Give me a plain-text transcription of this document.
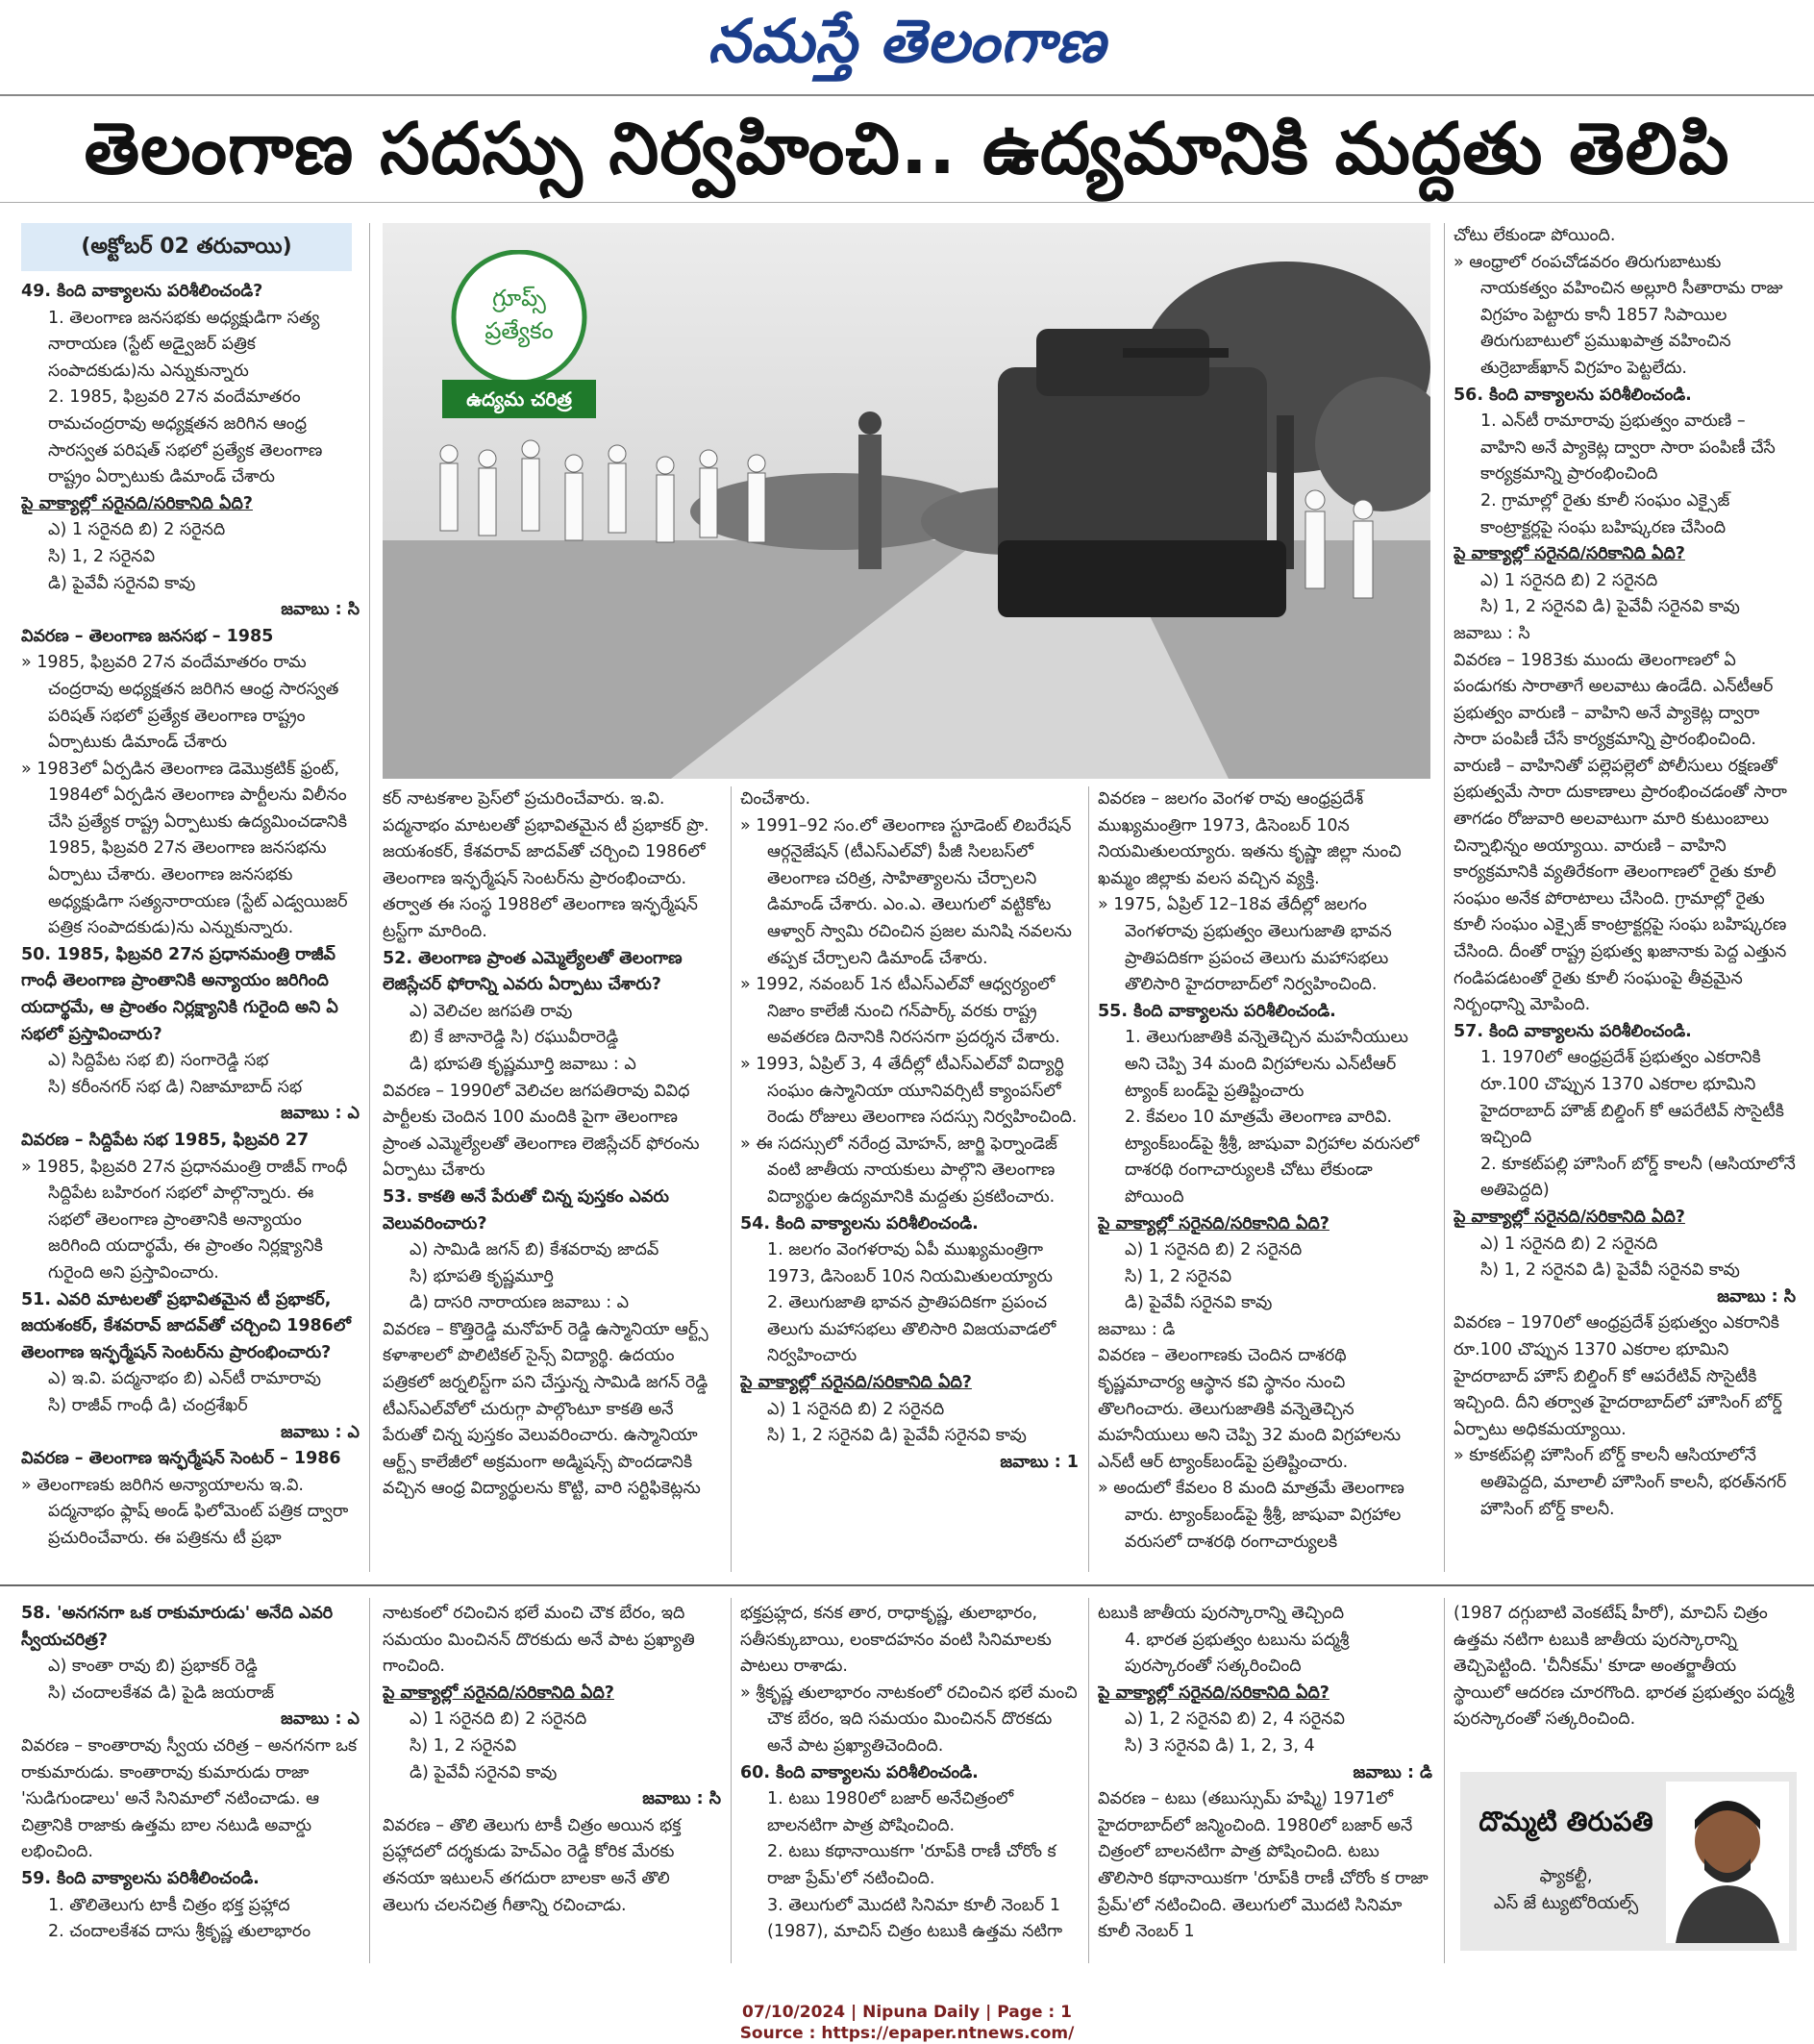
నమస్తే తెలంగాణ
తెలంగాణ సదస్సు నిర్వహించి.. ఉద్యమానికి మద్దతు తెలిపి
(అక్టోబర్ 02 తరువాయి)
గ్రూప్స్
ప్రత్యేకం
ఉద్యమ చరిత్ర

49. కింది వాక్యాలను పరిశీలించండి?

1. తెలంగాణ జనసభకు అధ్యక్షుడిగా సత్య నారాయణ (స్టేట్ అడ్వైజర్ పత్రిక సంపాదకుడు)ను ఎన్నుకున్నారు

2. 1985, ఫిబ్రవరి 27న వందేమాతరం రామచంద్రరావు అధ్యక్షతన జరిగిన ఆంధ్ర సారస్వత పరిషత్ సభలో ప్రత్యేక తెలంగాణ రాష్ట్రం ఏర్పాటుకు డిమాండ్ చేశారు

పై వాక్యాల్లో సరైనది/సరికానిది ఏది?

ఎ) 1 సరైనది బి) 2 సరైనది

సి) 1, 2 సరైనవి

డి) పైవేవీ సరైనవి కావు

జవాబు : సి

వివరణ – తెలంగాణ జనసభ – 1985

» 1985, ఫిబ్రవరి 27న వందేమాతరం రామ చంద్రరావు అధ్యక్షతన జరిగిన ఆంధ్ర సారస్వత పరిషత్ సభలో ప్రత్యేక తెలంగాణ రాష్ట్రం ఏర్పాటుకు డిమాండ్ చేశారు

» 1983లో ఏర్పడిన తెలంగాణ డెమొక్రటిక్ ఫ్రంట్, 1984లో ఏర్పడిన తెలంగాణ పార్టీలను విలీనం చేసి ప్రత్యేక రాష్ట్ర ఏర్పాటుకు ఉద్యమించడానికి 1985, ఫిబ్రవరి 27న తెలంగాణ జనసభను ఏర్పాటు చేశారు. తెలంగాణ జనసభకు అధ్యక్షుడిగా సత్యనారాయణ (స్టేట్ ఎడ్వయిజర్ పత్రిక సంపాదకుడు)ను ఎన్నుకున్నారు.

50. 1985, ఫిబ్రవరి 27న ప్రధానమంత్రి రాజీవ్ గాంధీ తెలంగాణ ప్రాంతానికి అన్యాయం జరిగింది యదార్థమే, ఆ ప్రాంతం నిర్లక్ష్యానికి గురైంది అని ఏ సభలో ప్రస్తావించారు?

ఎ) సిద్దిపేట సభ బి) సంగారెడ్డి సభ

సి) కరీంనగర్ సభ డి) నిజామాబాద్ సభ

జవాబు : ఎ

వివరణ – సిద్దిపేట సభ 1985, ఫిబ్రవరి 27

» 1985, ఫిబ్రవరి 27న ప్రధానమంత్రి రాజీవ్ గాంధీ సిద్దిపేట బహిరంగ సభలో పాల్గొన్నారు. ఈ సభలో తెలంగాణ ప్రాంతానికి అన్యాయం జరిగింది యదార్థమే, ఈ ప్రాంతం నిర్లక్ష్యానికి గురైంది అని ప్రస్తావించారు.

51. ఎవరి మాటలతో ప్రభావితమైన టీ ప్రభాకర్, జయశంకర్, కేశవరావ్ జాదవ్‌తో చర్చించి 1986లో తెలంగాణ ఇన్ఫర్మేషన్ సెంటర్‌ను ప్రారంభించారు?

ఎ) ఇ.వి. పద్మనాభం బి) ఎన్‌టీ రామారావు

సి) రాజీవ్ గాంధీ డి) చంద్రశేఖర్

జవాబు : ఎ

వివరణ – తెలంగాణ ఇన్ఫర్మేషన్ సెంటర్ – 1986

» తెలంగాణకు జరిగిన అన్యాయాలను ఇ.వి. పద్మనాభం ఫ్లాష్ అండ్ ఫిలోమెంట్ పత్రిక ద్వారా ప్రచురించేవారు. ఈ పత్రికను టీ ప్రభా

కర్ నాటకశాల ప్రెస్‌లో ప్రచురించేవారు. ఇ.వి. పద్మనాభం మాటలతో ప్రభావితమైన టీ ప్రభాకర్ ప్రొ. జయశంకర్, కేశవరావ్ జాదవ్‌తో చర్చించి 1986లో తెలంగాణ ఇన్ఫర్మేషన్ సెంటర్‌ను ప్రారంభించారు. తర్వాత ఈ సంస్థ 1988లో తెలంగాణ ఇన్ఫర్మేషన్ ట్రస్ట్‌గా మారింది.

52. తెలంగాణ ప్రాంత ఎమ్మెల్యేలతో తెలంగాణ లెజిస్లేచర్ ఫోరాన్ని ఎవరు ఏర్పాటు చేశారు?

ఎ) వెలిచల జగపతి రావు

బి) కే జానారెడ్డి సి) రఘువీరారెడ్డి

డి) భూపతి కృష్ణమూర్తి జవాబు : ఎ

వివరణ – 1990లో వెలిచల జగపతిరావు వివిధ పార్టీలకు చెందిన 100 మందికి పైగా తెలంగాణ ప్రాంత ఎమ్మెల్యేలతో తెలంగాణ లెజిస్లేచర్ ఫోరంను ఏర్పాటు చేశారు

53. కాకతి అనే పేరుతో చిన్న పుస్తకం ఎవరు వెలువరించారు?

ఎ) సామిడి జగన్ బి) కేశవరావు జాదవ్

సి) భూపతి కృష్ణమూర్తి

డి) దాసరి నారాయణ జవాబు : ఎ

వివరణ – కొత్తిరెడ్డి మనోహర్ రెడ్డి ఉస్మానియా ఆర్ట్స్ కళాశాలలో పొలిటికల్ సైన్స్ విద్యార్థి. ఉదయం పత్రికలో జర్నలిస్ట్‌గా పని చేస్తున్న సామిడి జగన్ రెడ్డి టీఎస్‌ఎల్‌వోలో చురుగ్గా పాల్గొంటూ కాకతి అనే పేరుతో చిన్న పుస్తకం వెలువరించారు. ఉస్మానియా ఆర్ట్స్ కాలేజీలో అక్రమంగా అడ్మిషన్స్ పొందడానికి వచ్చిన ఆంధ్ర విద్యార్థులను కొట్టి, వారి సర్టిఫికెట్లను

చించేశారు.

» 1991–92 సం.లో తెలంగాణ స్టూడెంట్ లిబరేషన్ ఆర్గనైజేషన్ (టీఎస్‌ఎల్‌వో) పీజీ సిలబస్‌లో తెలంగాణ చరిత్ర, సాహిత్యాలను చేర్చాలని డిమాండ్ చేశారు. ఎం.ఎ. తెలుగులో వట్టికోట ఆళ్వార్ స్వామి రచించిన ప్రజల మనిషి నవలను తప్పక చేర్చాలని డిమాండ్ చేశారు.

» 1992, నవంబర్ 1న టీఎస్‌ఎల్‌వో ఆధ్వర్యంలో నిజాం కాలేజీ నుంచి గన్‌పార్క్ వరకు రాష్ట్ర అవతరణ దినానికి నిరసనగా ప్రదర్శన చేశారు.

» 1993, ఏప్రిల్ 3, 4 తేదీల్లో టీఎస్‌ఎల్‌వో విద్యార్థి సంఘం ఉస్మానియా యూనివర్సిటీ క్యాంపస్‌లో రెండు రోజులు తెలంగాణ సదస్సు నిర్వహించింది.

» ఈ సదస్సులో నరేంద్ర మోహన్, జార్జి ఫెర్నాండెజ్ వంటి జాతీయ నాయకులు పాల్గొని తెలంగాణ విద్యార్థుల ఉద్యమానికి మద్దతు ప్రకటించారు.

54. కింది వాక్యాలను పరిశీలించండి.

1. జలగం వెంగళరావు ఏపీ ముఖ్యమంత్రిగా 1973, డిసెంబర్ 10న నియమితులయ్యారు

2. తెలుగుజాతి భావన ప్రాతిపదికగా ప్రపంచ తెలుగు మహాసభలు తొలిసారి విజయవాడలో నిర్వహించారు

పై వాక్యాల్లో సరైనది/సరికానిది ఏది?

ఎ) 1 సరైనది బి) 2 సరైనది

సి) 1, 2 సరైనవి డి) పైవేవీ సరైనవి కావు

జవాబు : 1

వివరణ – జలగం వెంగళ రావు ఆంధ్రప్రదేశ్ ముఖ్యమంత్రిగా 1973, డిసెంబర్ 10న నియమితులయ్యారు. ఇతను కృష్ణా జిల్లా నుంచి ఖమ్మం జిల్లాకు వలస వచ్చిన వ్యక్తి.

» 1975, ఏప్రిల్ 12–18వ తేదీల్లో జలగం వెంగళరావు ప్రభుత్వం తెలుగుజాతి భావన ప్రాతిపదికగా ప్రపంచ తెలుగు మహాసభలు తొలిసారి హైదరాబాద్‌లో నిర్వహించింది.

55. కింది వాక్యాలను పరిశీలించండి.

1. తెలుగుజాతికి వన్నెతెచ్చిన మహనీయులు అని చెప్పి 34 మంది విగ్రహాలను ఎన్‌టీఆర్ ట్యాంక్ బండ్‌పై ప్రతిష్టించారు

2. కేవలం 10 మాత్రమే తెలంగాణ వారివి. ట్యాంక్‌బండ్‌పై శ్రీశ్రీ, జాషువా విగ్రహాల వరుసలో దాశరథి రంగాచార్యులకి చోటు లేకుండా పోయింది

పై వాక్యాల్లో సరైనది/సరికానిది ఏది?

ఎ) 1 సరైనది బి) 2 సరైనది

సి) 1, 2 సరైనవి

డి) పైవేవీ సరైనవి కావు

జవాబు : డి

వివరణ – తెలంగాణకు చెందిన దాశరథి కృష్ణమాచార్య ఆస్థాన కవి స్థానం నుంచి తొలగించారు. తెలుగుజాతికి వన్నెతెచ్చిన మహనీయులు అని చెప్పి 32 మంది విగ్రహాలను ఎన్‌టీ ఆర్ ట్యాంక్‌బండ్‌పై ప్రతిష్టించారు.

» అందులో కేవలం 8 మంది మాత్రమే తెలంగాణ వారు. ట్యాంక్‌బండ్‌పై శ్రీశ్రీ, జాషువా విగ్రహాల వరుసలో దాశరథి రంగాచార్యులకి

చోటు లేకుండా పోయింది.

» ఆంధ్రాలో రంపచోడవరం తిరుగుబాటుకు నాయకత్వం వహించిన అల్లూరి సీతారామ రాజు విగ్రహం పెట్టారు కానీ 1857 సిపాయిల తిరుగుబాటులో ప్రముఖపాత్ర వహించిన తుర్రెబాజ్‌ఖాన్ విగ్రహం పెట్టలేదు.

56. కింది వాక్యాలను పరిశీలించండి.

1. ఎన్‌టీ రామారావు ప్రభుత్వం వారుణి – వాహిని అనే ప్యాకెట్ల ద్వారా సారా పంపిణీ చేసే కార్యక్రమాన్ని ప్రారంభించింది

2. గ్రామాల్లో రైతు కూలీ సంఘం ఎక్సైజ్ కాంట్రాక్టర్లపై సంఘ బహిష్కరణ చేసింది

పై వాక్యాల్లో సరైనది/సరికానిది ఏది?

ఎ) 1 సరైనది బి) 2 సరైనది

సి) 1, 2 సరైనవి డి) పైవేవీ సరైనవి కావు

జవాబు : సి

వివరణ – 1983కు ముందు తెలంగాణలో ఏ పండుగకు సారాతాగే అలవాటు ఉండేది. ఎన్‌టీఆర్ ప్రభుత్వం వారుణి – వాహిని అనే ప్యాకెట్ల ద్వారా సారా పంపిణీ చేసే కార్యక్రమాన్ని ప్రారంభించింది. వారుణి – వాహినితో పల్లెపల్లెలో పోలీసులు రక్షణతో ప్రభుత్వమే సారా దుకాణాలు ప్రారంభించడంతో సారా తాగడం రోజువారి అలవాటుగా మారి కుటుంబాలు చిన్నాభిన్నం అయ్యాయి. వారుణి – వాహిని కార్యక్రమానికి వ్యతిరేకంగా తెలంగాణలో రైతు కూలీ సంఘం అనేక పోరాటాలు చేసింది. గ్రామాల్లో రైతు కూలీ సంఘం ఎక్సైజ్ కాంట్రాక్టర్లపై సంఘ బహిష్కరణ చేసింది. దీంతో రాష్ట్ర ప్రభుత్వ ఖజానాకు పెద్ద ఎత్తున గండిపడటంతో రైతు కూలీ సంఘంపై తీవ్రమైన నిర్బంధాన్ని మోపింది.

57. కింది వాక్యాలను పరిశీలించండి.

1. 1970లో ఆంధ్రప్రదేశ్ ప్రభుత్వం ఎకరానికి రూ.100 చొప్పున 1370 ఎకరాల భూమిని హైదరాబాద్ హౌజ్ బిల్డింగ్ కో ఆపరేటివ్ సొసైటీకి ఇచ్చింది

2. కూకట్‌పల్లి హౌసింగ్ బోర్డ్ కాలనీ (ఆసియాలోనే అతిపెద్దది)

పై వాక్యాల్లో సరైనది/సరికానిది ఏది?

ఎ) 1 సరైనది బి) 2 సరైనది

సి) 1, 2 సరైనవి డి) పైవేవీ సరైనవి కావు

జవాబు : సి

వివరణ – 1970లో ఆంధ్రప్రదేశ్ ప్రభుత్వం ఎకరానికి రూ.100 చొప్పున 1370 ఎకరాల భూమిని హైదరాబాద్ హౌస్ బిల్డింగ్ కో ఆపరేటివ్ సొసైటీకి ఇచ్చింది. దీని తర్వాత హైదరాబాద్‌లో హౌసింగ్ బోర్డ్ ఏర్పాటు అధికమయ్యాయి.

» కూకట్‌పల్లి హౌసింగ్ బోర్డ్ కాలనీ ఆసియాలోనే అతిపెద్దది, మాలాలీ హౌసింగ్ కాలనీ, భరత్‌నగర్ హౌసింగ్ బోర్డ్ కాలనీ.

58. 'అనగనగా ఒక రాకుమారుడు' అనేది ఎవరి స్వీయచరిత్ర?

ఎ) కాంతా రావు బి) ప్రభాకర్ రెడ్డి

సి) చందాలకేశవ డి) పైడి జయరాజ్

జవాబు : ఎ

వివరణ – కాంతారావు స్వీయ చరిత్ర – అనగనగా ఒక రాకుమారుడు. కాంతారావు కుమారుడు రాజా 'సుడిగుండాలు' అనే సినిమాలో నటించాడు. ఆ చిత్రానికి రాజాకు ఉత్తమ బాల నటుడి అవార్డు లభించింది.

59. కింది వాక్యాలను పరిశీలించండి.

1. తొలితెలుగు టాకీ చిత్రం భక్త ప్రహ్లాద

2. చందాలకేశవ దాసు శ్రీకృష్ణ తులాభారం

నాటకంలో రచించిన భలే మంచి చౌక బేరం, ఇది సమయం మించినన్ దొరకుదు అనే పాట ప్రఖ్యాతి గాంచింది.

పై వాక్యాల్లో సరైనది/సరికానిది ఏది?

ఎ) 1 సరైనది బి) 2 సరైనది

సి) 1, 2 సరైనవి

డి) పైవేవీ సరైనవి కావు

జవాబు : సి

వివరణ – తొలి తెలుగు టాకీ చిత్రం అయిన భక్త ప్రహ్లాదలో దర్శకుడు హెచ్‌ఎం రెడ్డి కోరిక మేరకు తనయా ఇటులన్ తగదురా బాలకా అనే తొలి తెలుగు చలనచిత్ర గీతాన్ని రచించాడు.

భక్తప్రహ్లద, కనక తార, రాధాకృష్ణ, తులాభారం, సతీసక్కుబాయి, లంకాదహనం వంటి సినిమాలకు పాటలు రాశాడు.

» శ్రీకృష్ణ తులాభారం నాటకంలో రచించిన భలే మంచి చౌక బేరం, ఇది సమయం మించినన్ దొరకదు అనే పాట ప్రఖ్యాతిచెందింది.

60. కింది వాక్యాలను పరిశీలించండి.

1. టబు 1980లో బజార్ అనేచిత్రంలో బాలనటిగా పాత్ర పోషించింది.

2. టబు కథానాయికగా 'రూప్‌కి రాణీ చోరోం క రాజా ప్రేమ్'లో నటించింది.

3. తెలుగులో మొదటి సినిమా కూలీ నెంబర్ 1 (1987), మాచిస్ చిత్రం టబుకి ఉత్తమ నటిగా

టబుకి జాతీయ పురస్కారాన్ని తెచ్చింది

4. భారత ప్రభుత్వం టబును పద్మశ్రీ పురస్కారంతో సత్కరించింది

పై వాక్యాల్లో సరైనది/సరికానిది ఏది?

ఎ) 1, 2 సరైనవి బి) 2, 4 సరైనవి

సి) 3 సరైనవి డి) 1, 2, 3, 4

జవాబు : డి

వివరణ – టబు (తబుస్సుమ్ హష్మి) 1971లో హైదరాబాద్‌లో జన్మించింది. 1980లో బజార్ అనే చిత్రంలో బాలనటిగా పాత్ర పోషించింది. టబు తొలిసారి కథానాయికగా 'రూప్‌కి రాణీ చోరోం క రాజా ప్రేమ్'లో నటించింది. తెలుగులో మొదటి సినిమా కూలీ నెంబర్ 1

(1987 దగ్గుబాటి వెంకటేష్ హీరో), మాచిస్ చిత్రం ఉత్తమ నటిగా టబుకి జాతీయ పురస్కారాన్ని తెచ్చిపెట్టింది. 'చీనీకమ్' కూడా అంతర్జాతీయ స్థాయిలో ఆదరణ చూరగొంది. భారత ప్రభుత్వం పద్మశ్రీ పురస్కారంతో సత్కరించింది.

దొమ్మటి తిరుపతి
ఫ్యాకల్టీ,
ఎస్ జే ట్యుటోరియల్స్
07/10/2024 | Nipuna Daily | Page : 1
Source : https://epaper.ntnews.com/
